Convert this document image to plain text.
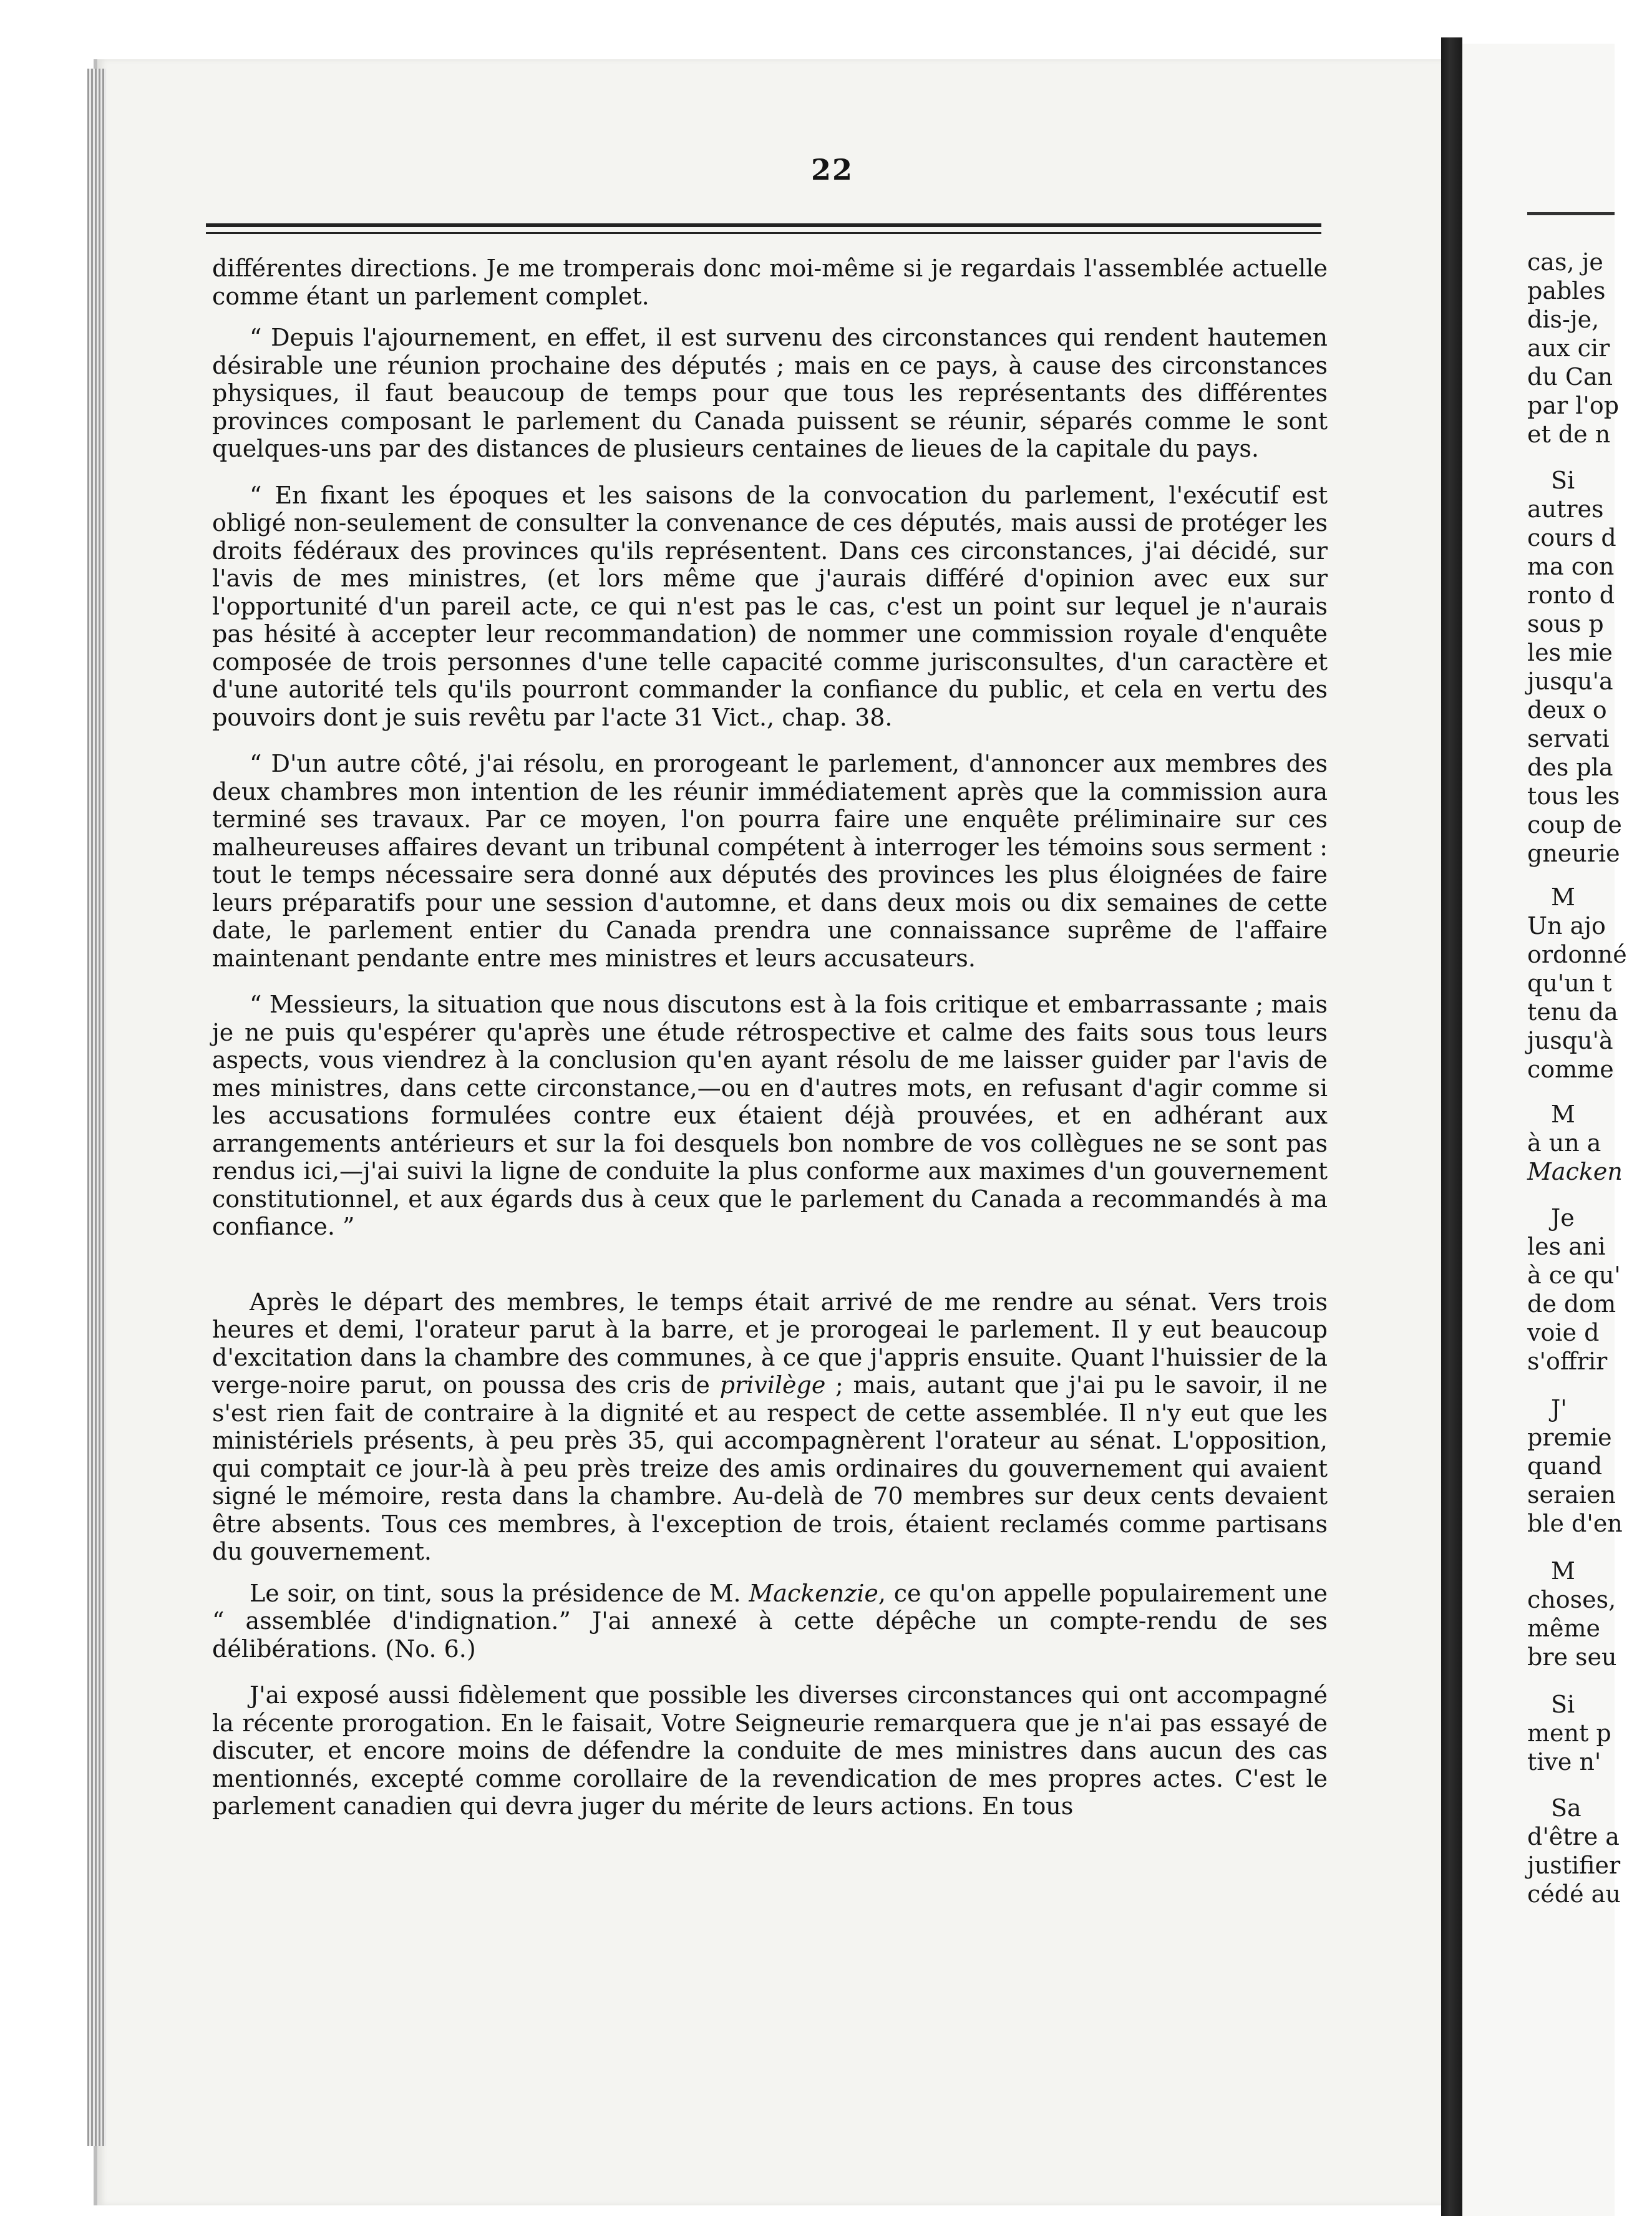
22

différentes directions. Je me tromperais donc moi-même si je regardais l'assemblée actuelle comme étant un parlement complet.

“ Depuis l'ajournement, en effet, il est survenu des circonstances qui rendent hautemen désirable une réunion prochaine des députés ; mais en ce pays, à cause des circonstances physiques, il faut beaucoup de temps pour que tous les représentants des différentes provinces composant le parlement du Canada puissent se réunir, séparés comme le sont quelques-uns par des distances de plusieurs centaines de lieues de la capitale du pays.

“ En fixant les époques et les saisons de la convocation du parlement, l'exécutif est obligé non-seulement de consulter la convenance de ces députés, mais aussi de protéger les droits fédéraux des provinces qu'ils représentent. Dans ces circonstances, j'ai décidé, sur l'avis de mes ministres, (et lors même que j'aurais différé d'opinion avec eux sur l'opportunité d'un pareil acte, ce qui n'est pas le cas, c'est un point sur lequel je n'aurais pas hésité à accepter leur recommandation) de nommer une commission royale d'enquête composée de trois personnes d'une telle capacité comme jurisconsultes, d'un caractère et d'une autorité tels qu'ils pourront commander la confiance du public, et cela en vertu des pouvoirs dont je suis revêtu par l'acte 31 Vict., chap. 38.

“ D'un autre côté, j'ai résolu, en prorogeant le parlement, d'annoncer aux membres des deux chambres mon intention de les réunir immédiatement après que la commission aura terminé ses travaux. Par ce moyen, l'on pourra faire une enquête préliminaire sur ces malheureuses affaires devant un tribunal compétent à interroger les témoins sous serment : tout le temps nécessaire sera donné aux députés des provinces les plus éloignées de faire leurs préparatifs pour une session d'automne, et dans deux mois ou dix semaines de cette date, le parlement entier du Canada prendra une connaissance suprême de l'affaire maintenant pendante entre mes ministres et leurs accusateurs.

“ Messieurs, la situation que nous discutons est à la fois critique et embarrassante ; mais je ne puis qu'espérer qu'après une étude rétrospective et calme des faits sous tous leurs aspects, vous viendrez à la conclusion qu'en ayant résolu de me laisser guider par l'avis de mes ministres, dans cette circonstance,—ou en d'autres mots, en refusant d'agir comme si les accusations formulées contre eux étaient déjà prouvées, et en adhérant aux arrangements antérieurs et sur la foi desquels bon nombre de vos collègues ne se sont pas rendus ici,—j'ai suivi la ligne de conduite la plus conforme aux maximes d'un gouvernement constitutionnel, et aux égards dus à ceux que le parlement du Canada a recommandés à ma confiance. ”

Après le départ des membres, le temps était arrivé de me rendre au sénat. Vers trois heures et demi, l'orateur parut à la barre, et je prorogeai le parlement. Il y eut beaucoup d'excitation dans la chambre des communes, à ce que j'appris ensuite. Quant l'huissier de la verge-noire parut, on poussa des cris de privilège ; mais, autant que j'ai pu le savoir, il ne s'est rien fait de contraire à la dignité et au respect de cette assemblée. Il n'y eut que les ministériels présents, à peu près 35, qui accompagnèrent l'orateur au sénat. L'opposition, qui comptait ce jour-là à peu près treize des amis ordinaires du gouvernement qui avaient signé le mémoire, resta dans la chambre. Au-delà de 70 membres sur deux cents devaient être absents. Tous ces membres, à l'exception de trois, étaient reclamés comme partisans du gouvernement.

Le soir, on tint, sous la présidence de M. Mackenzie, ce qu'on appelle populairement une “ assemblée d'indignation.” J'ai annexé à cette dépêche un compte-rendu de ses délibérations. (No. 6.)

J'ai exposé aussi fidèlement que possible les diverses circonstances qui ont accompagné la récente prorogation. En le faisait, Votre Seigneurie remarquera que je n'ai pas essayé de discuter, et encore moins de défendre la conduite de mes ministres dans aucun des cas mentionnés, excepté comme corollaire de la revendication de mes propres actes. C'est le parlement canadien qui devra juger du mérite de leurs actions. En tous

cas, je
pables
dis-je,
aux cir
du Can
par l'op
et de n
Si
autres
cours d
ma con
ronto d
sous p
les mie
jusqu'a
deux o
servati
des pla
tous les
coup de
gneurie
M
Un ajo
ordonné
qu'un t
tenu da
jusqu'à
comme
M
à un a
Macken
Je
les ani
à ce qu'
de dom
voie d
s'offrir
J'
premie
quand
seraien
ble d'en
M
choses,
même
bre seu
Si
ment p
tive n'
Sa
d'être a
justifier
cédé au
